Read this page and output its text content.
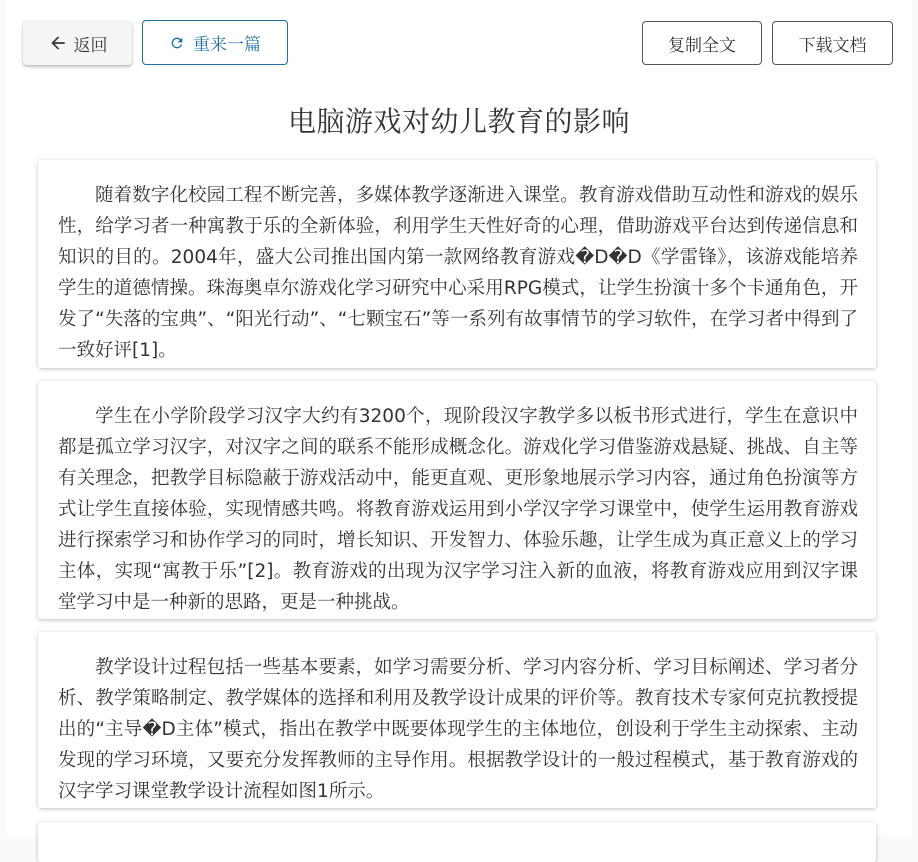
返回	重来一篇	复制全文	下载文档
电脑游戏对幼儿教育的影响

随着数字化校园工程不断完善，多媒体教学逐渐进入课堂。教育游戏借助互动性和游戏的娱乐性，给学习者一种寓教于乐的全新体验，利用学生天性好奇的心理，借助游戏平台达到传递信息和知识的目的。2004年，盛大公司推出国内第一款网络教育游戏�D�D《学雷锋》，该游戏能培养学生的道德情操。珠海奥卓尔游戏化学习研究中心采用RPG模式，让学生扮演十多个卡通角色，开发了“失落的宝典”、“阳光行动”、“七颗宝石”等一系列有故事情节的学习软件，在学习者中得到了一致好评[1]。

学生在小学阶段学习汉字大约有3200个，现阶段汉字教学多以板书形式进行，学生在意识中都是孤立学习汉字，对汉字之间的联系不能形成概念化。游戏化学习借鉴游戏悬疑、挑战、自主等有关理念，把教学目标隐蔽于游戏活动中，能更直观、更形象地展示学习内容，通过角色扮演等方式让学生直接体验，实现情感共鸣。将教育游戏运用到小学汉字学习课堂中，使学生运用教育游戏进行探索学习和协作学习的同时，增长知识、开发智力、体验乐趣，让学生成为真正意义上的学习主体，实现“寓教于乐”[2]。教育游戏的出现为汉字学习注入新的血液，将教育游戏应用到汉字课堂学习中是一种新的思路，更是一种挑战。

教学设计过程包括一些基本要素，如学习需要分析、学习内容分析、学习目标阐述、学习者分析、教学策略制定、教学媒体的选择和利用及教学设计成果的评价等。教育技术专家何克抗教授提出的“主导�D主体”模式，指出在教学中既要体现学生的主体地位，创设利于学生主动探索、主动发现的学习环境，又要充分发挥教师的主导作用。根据教学设计的一般过程模式，基于教育游戏的汉字学习课堂教学设计流程如图1所示。
